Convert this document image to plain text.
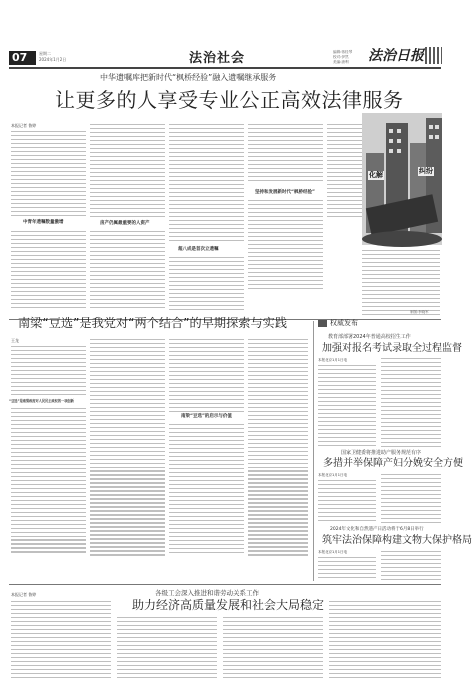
07	星期二
2024年1月2日	法治社会	编辑:蒋桂琴
校对:伊然
美编:唐利 法治日报
中华遗嘱库把新时代“枫桥经验”融入遗嘱继承服务
让更多的人享受专业公正高效法律服务
本报记者 鲁婷
中青年遗嘱数量激增	房产仍属最重要的人资产
超八成是首次立遗嘱
坚持和发展新时代“枫桥经验”
化解	纠纷
制图:李晓军
南梁“豆选”是我党对“两个结合”的早期探索与实践
王龙
“豆选”是南梁政府对人民民主政权的一项创新
南梁“豆选”的启示与价值
权威发布
教育部部署2024年普通高校招生工作
加强对报名考试录取全过程监督
本报北京1月1日电
国家卫健委将推进助产服务规范有序
多措并举保障产妇分娩安全方便
本报北京1月1日电
2024年文化和自然遗产日活动将于6月8日举行
筑牢法治保障构建文物大保护格局
本报北京1月1日电
各级工会深入推进和谐劳动关系工作
助力经济高质量发展和社会大局稳定
本报记者 鲁婷
